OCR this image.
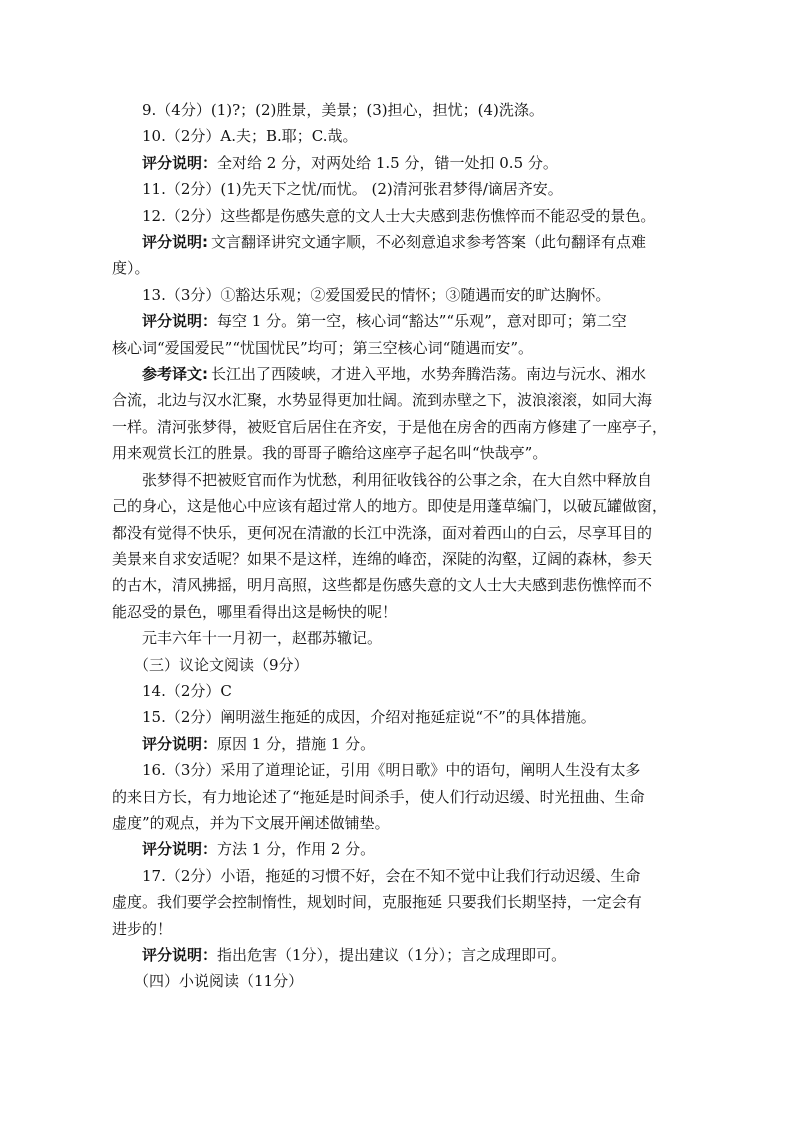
9.（4分）(1)?；(2)胜景，美景；(3)担心，担忧；(4)洗涤。
10.（2分）A.夫；B.耶；C.哉。
评分说明：全对给 2 分，对两处给 1.5 分，错一处扣 0.5 分。
11.（2分）(1)先天下之忧/而忧。 (2)清河张君梦得/谪居齐安。
12.（2分）这些都是伤感失意的文人士大夫感到悲伤憔悴而不能忍受的景色。
评分说明: 文言翻译讲究文通字顺，不必刻意追求参考答案（此句翻译有点难
度）。
13.（3分）①豁达乐观；②爱国爱民的情怀；③随遇而安的旷达胸怀。
评分说明：每空 1 分。第一空，核心词“豁达”“乐观”，意对即可；第二空
核心词“爱国爱民”“忧国忧民”均可；第三空核心词“随遇而安”。
参考译文: 长江出了西陵峡，才进入平地，水势奔腾浩荡。南边与沅水、湘水
合流，北边与汉水汇聚，水势显得更加壮阔。流到赤壁之下，波浪滚滚，如同大海
一样。清河张梦得，被贬官后居住在齐安，于是他在房舍的西南方修建了一座亭子，
用来观赏长江的胜景。我的哥哥子瞻给这座亭子起名叫“快哉亭”。
张梦得不把被贬官而作为忧愁，利用征收钱谷的公事之余，在大自然中释放自
己的身心，这是他心中应该有超过常人的地方。即使是用蓬草编门，以破瓦罐做窗，
都没有觉得不快乐，更何况在清澈的长江中洗涤，面对着西山的白云，尽享耳目的
美景来自求安适呢？如果不是这样，连绵的峰峦，深陡的沟壑，辽阔的森林，参天
的古木，清风拂摇，明月高照，这些都是伤感失意的文人士大夫感到悲伤憔悴而不
能忍受的景色，哪里看得出这是畅快的呢！
元丰六年十一月初一，赵郡苏辙记。
（三）议论文阅读（9分）
14.（2分）C
15.（2分）阐明滋生拖延的成因，介绍对拖延症说“不”的具体措施。
评分说明：原因 1 分，措施 1 分。
16.（3分）采用了道理论证，引用《明日歌》中的语句，阐明人生没有太多
的来日方长，有力地论述了“拖延是时间杀手，使人们行动迟缓、时光扭曲、生命
虚度”的观点，并为下文展开阐述做铺垫。
评分说明：方法 1 分，作用 2 分。
17.（2分）小语，拖延的习惯不好，会在不知不觉中让我们行动迟缓、生命
虚度。我们要学会控制惰性，规划时间，克服拖延 只要我们长期坚持，一定会有
进步的！
评分说明：指出危害（1分），提出建议（1分）；言之成理即可。
（四）小说阅读（11分）
